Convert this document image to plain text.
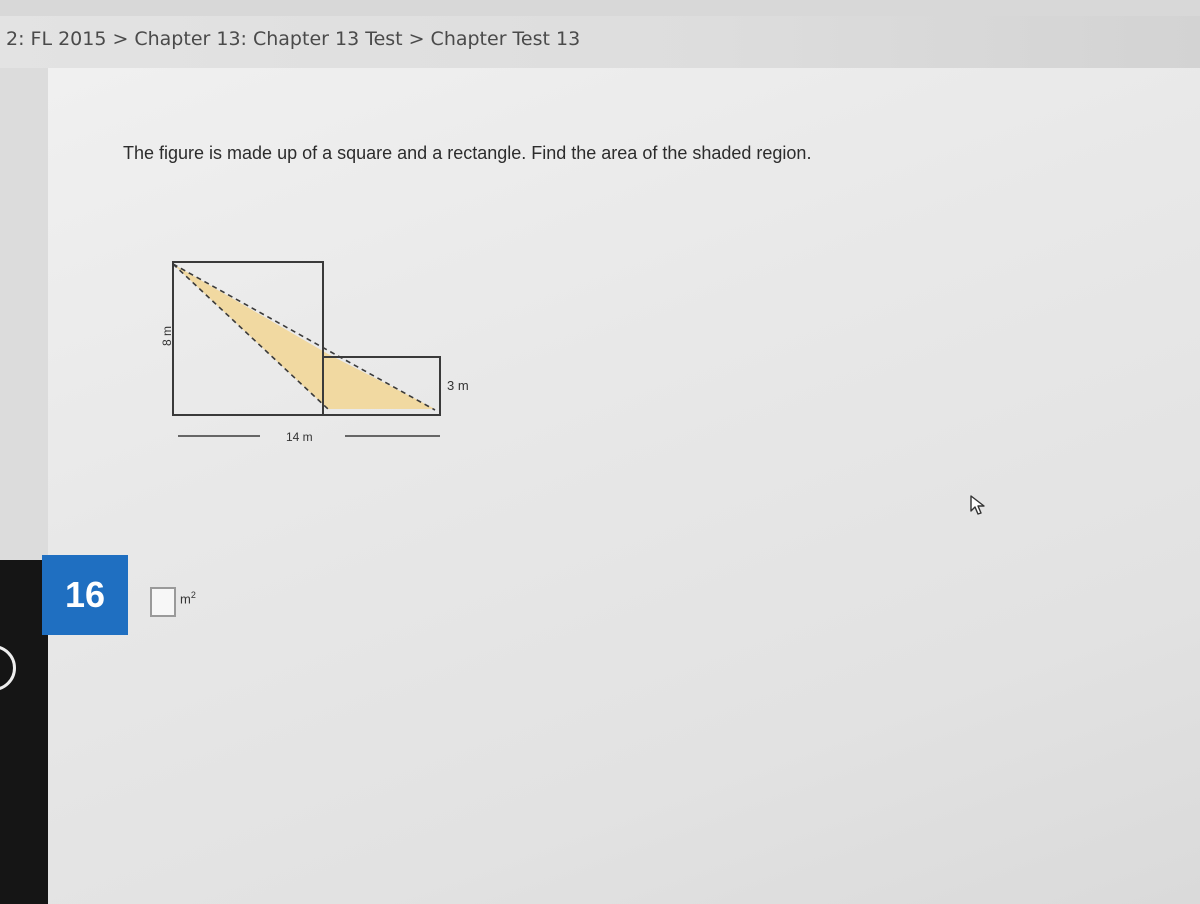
2: FL 2015 > Chapter 13: Chapter 13 Test > Chapter Test 13
The figure is made up of a square and a rectangle. Find the area of the shaded region.
8 m
3 m
14 m
16	$m^2$
